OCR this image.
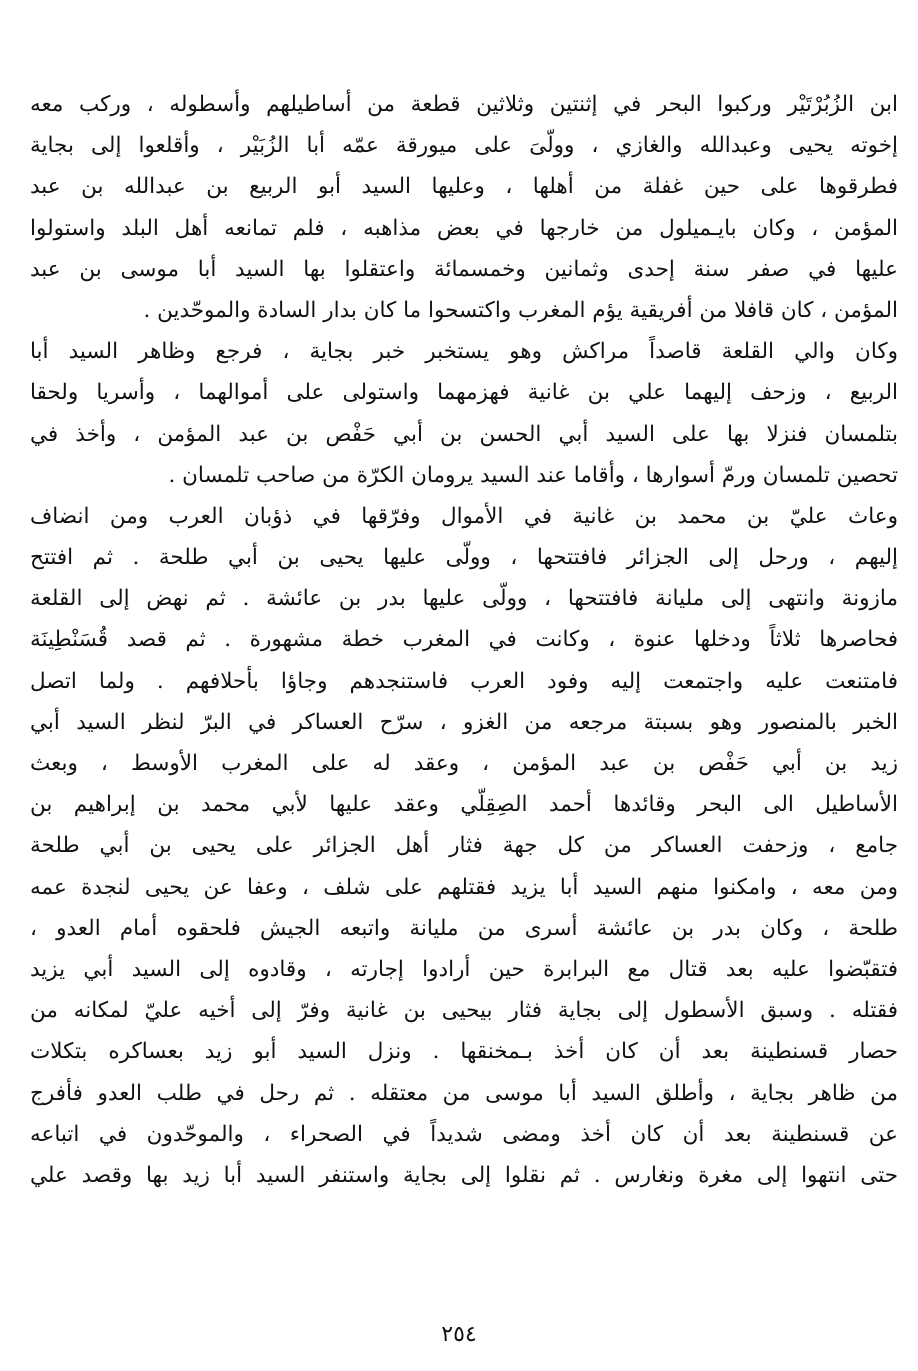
ابن الزُبُرْتَيْر وركبوا البحر في إثنتين وثلاثين قطعة من أساطيلهم وأسطوله ، وركب معه
إخوته يحيى وعبدالله والغازي ، وولّىَ على ميورقة عمّه أبا الزُبَيْر ، وأقلعوا إلى بجاية
فطرقوها على حين غفلة من أهلها ، وعليها السيد أبو الربيع بن عبدالله بن عبد
المؤمن ، وكان بايـميلول من خارجها في بعض مذاهبه ، فلم تمانعه أهل البلد واستولوا
عليها في صفر سنة إحدى وثمانين وخمسمائة واعتقلوا بها السيد أبا موسى بن عبد
المؤمن ، كان قافلا من أفريقية يؤم المغرب واكتسحوا ما كان بدار السادة والموحّدين .
وكان والي القلعة قاصداً مراكش وهو يستخبر خبر بجاية ، فرجع وظاهر السيد أبا
الربيع ، وزحف إليهما علي بن غانية فهزمهما واستولى على أموالهما ، وأسريا ولحقا
بتلمسان فنزلا بها على السيد أبي الحسن بن أبي حَفْص بن عبد المؤمن ، وأخذ في
تحصين تلمسان ورمّ أسوارها ، وأقاما عند السيد يرومان الكرّة من صاحب تلمسان .
وعاث عليّ بن محمد بن غانية في الأموال وفرّقها في ذؤبان العرب ومن انضاف
إليهم ، ورحل إلى الجزائر فافتتحها ، وولّى عليها يحيى بن أبي طلحة . ثم افتتح
مازونة وانتهى إلى مليانة فافتتحها ، وولّى عليها بدر بن عائشة . ثم نهض إلى القلعة
فحاصرها ثلاثاً ودخلها عنوة ، وكانت في المغرب خطة مشهورة . ثم قصد قُسَنْطِينَة
فامتنعت عليه واجتمعت إليه وفود العرب فاستنجدهم وجاؤا بأحلافهم . ولما اتصل
الخبر بالمنصور وهو بسبتة مرجعه من الغزو ، سرّح العساكر في البرّ لنظر السيد أبي
زيد بن أبي حَفْص بن عبد المؤمن ، وعقد له على المغرب الأوسط ، وبعث
الأساطيل الى البحر وقائدها أحمد الصِقِلّي وعقد عليها لأبي محمد بن إبراهيم بن
جامع ، وزحفت العساكر من كل جهة فثار أهل الجزائر على يحيى بن أبي طلحة
ومن معه ، وامكنوا منهم السيد أبا يزيد فقتلهم على شلف ، وعفا عن يحيى لنجدة عمه
طلحة ، وكان بدر بن عائشة أسرى من مليانة واتبعه الجيش فلحقوه أمام العدو ،
فتقبّضوا عليه بعد قتال مع البرابرة حين أرادوا إجارته ، وقادوه إلى السيد أبي يزيد
فقتله . وسبق الأسطول إلى بجاية فثار بيحيى بن غانية وفرّ إلى أخيه عليّ لمكانه من
حصار قسنطينة بعد أن كان أخذ بـمخنقها . ونزل السيد أبو زيد بعساكره بتكلات
من ظاهر بجاية ، وأطلق السيد أبا موسى من معتقله . ثم رحل في طلب العدو فأفرج
عن قسنطينة بعد أن كان أخذ ومضى شديداً في الصحراء ، والموحّدون في اتباعه
حتى انتهوا إلى مغرة ونغارس . ثم نقلوا إلى بجاية واستنفر السيد أبا زيد بها وقصد علي
٢٥٤
